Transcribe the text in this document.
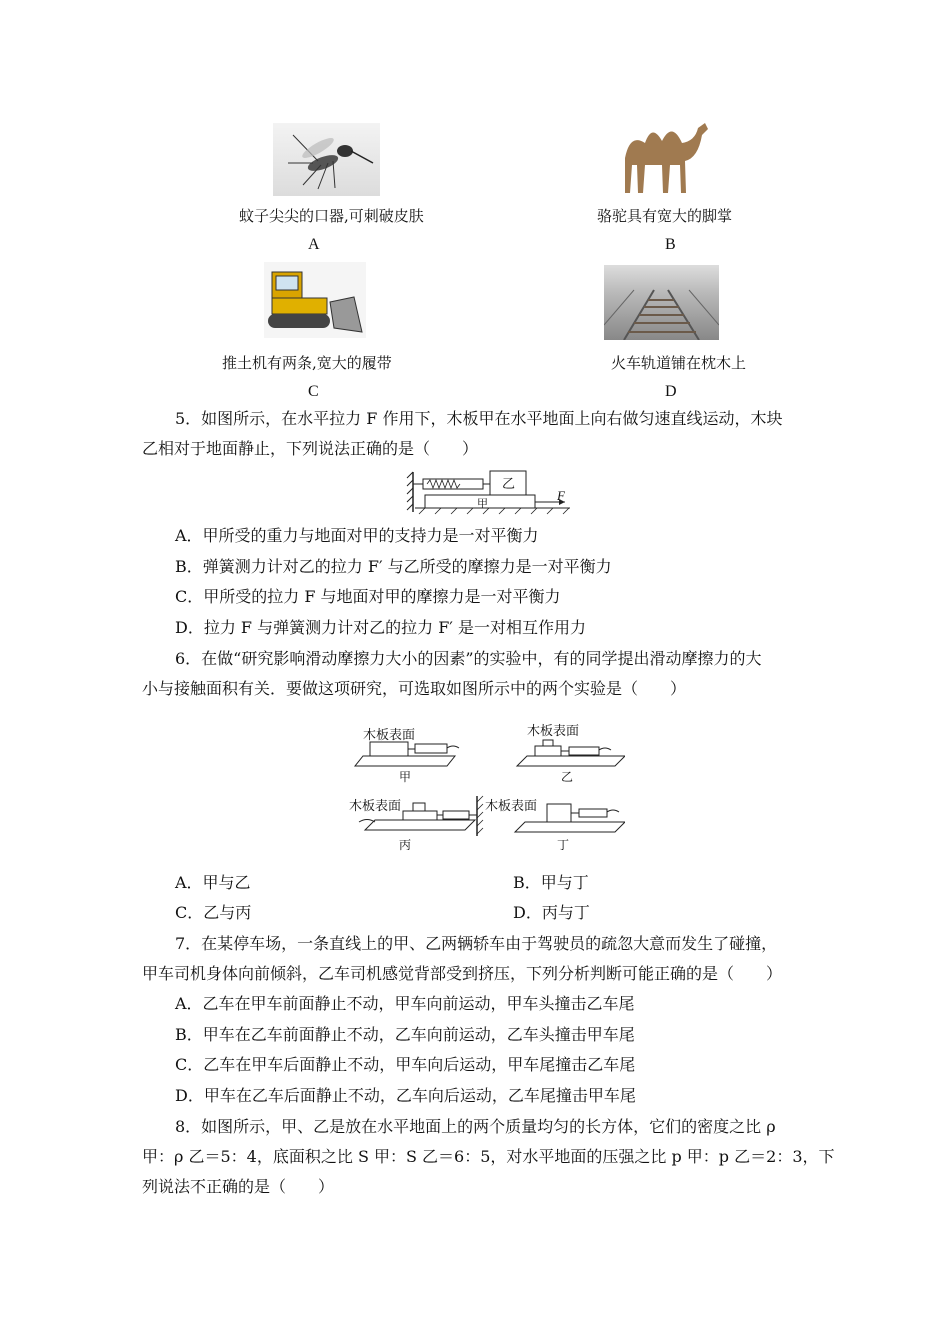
蚊子尖尖的口器,可刺破皮肤	骆驼具有宽大的脚掌
A	B
推土机有两条,宽大的履带	火车轨道铺在枕木上
C	D
5．如图所示，在水平拉力 F 作用下，木板甲在水平地面上向右做匀速直线运动，木块
乙相对于地面静止，下列说法正确的是（　　）
乙
甲
F
A．甲所受的重力与地面对甲的支持力是一对平衡力
B．弹簧测力计对乙的拉力 F′ 与乙所受的摩擦力是一对平衡力
C．甲所受的拉力 F 与地面对甲的摩擦力是一对平衡力
D．拉力 F 与弹簧测力计对乙的拉力 F′ 是一对相互作用力
6．在做“研究影响滑动摩擦力大小的因素”的实验中，有的同学提出滑动摩擦力的大
小与接触面积有关．要做这项研究，可选取如图所示中的两个实验是（　　）
木板表面	木板表面
木板表面	木板表面
甲	乙
丙	丁
A．甲与乙	B．甲与丁
C．乙与丙	D．丙与丁
7．在某停车场，一条直线上的甲、乙两辆轿车由于驾驶员的疏忽大意而发生了碰撞，
甲车司机身体向前倾斜，乙车司机感觉背部受到挤压，下列分析判断可能正确的是（　　）
A．乙车在甲车前面静止不动，甲车向前运动，甲车头撞击乙车尾
B．甲车在乙车前面静止不动，乙车向前运动，乙车头撞击甲车尾
C．乙车在甲车后面静止不动，甲车向后运动，甲车尾撞击乙车尾
D．甲车在乙车后面静止不动，乙车向后运动，乙车尾撞击甲车尾
8．如图所示，甲、乙是放在水平地面上的两个质量均匀的长方体，它们的密度之比 ρ
甲：ρ 乙＝5：4，底面积之比 S 甲：S 乙＝6：5，对水平地面的压强之比 p 甲：p 乙＝2：3，下
列说法不正确的是（　　）
